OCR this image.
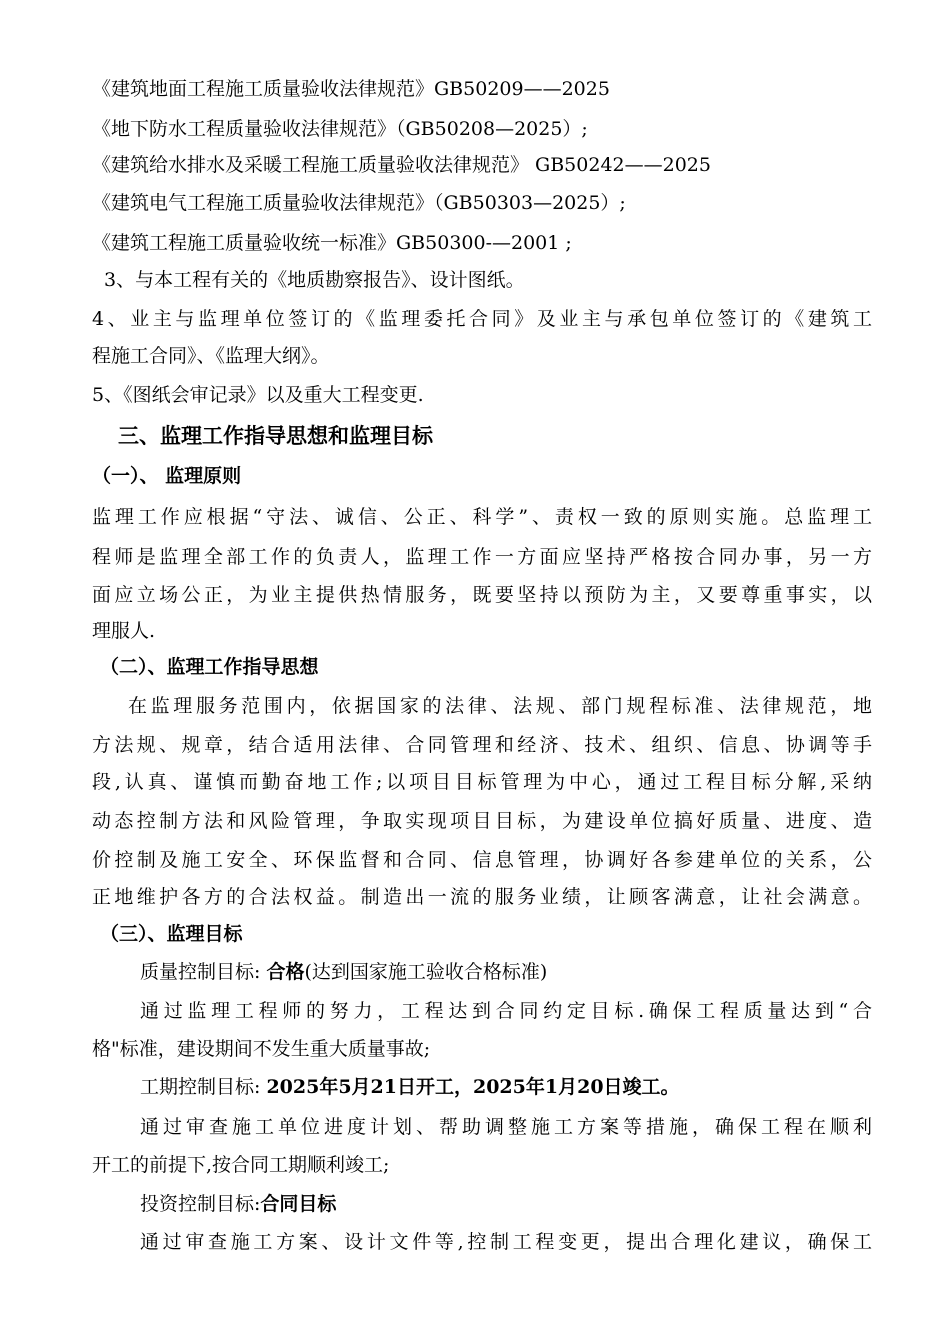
《建筑地面工程施工质量验收法律规范》GB50209——2025
《地下防水工程质量验收法律规范》（GB50208—2025）;
《建筑给水排水及采暖工程施工质量验收法律规范》 GB50242——2025
《建筑电气工程施工质量验收法律规范》（GB50303—2025）;
《建筑工程施工质量验收统一标准》GB50300-—2001 ;
3、与本工程有关的《地质勘察报告》、设计图纸。
4、业主与监理单位签订的《监理委托合同》及业主与承包单位签订的《建筑工
程施工合同》、《监理大纲》。
5、《图纸会审记录》以及重大工程变更.
三、监理工作指导思想和监理目标
（一）、 监理原则
监理工作应根据“守法、诚信、公正、科学”、责权一致的原则实施。总监理工
程师是监理全部工作的负责人，监理工作一方面应坚持严格按合同办事，另一方
面应立场公正，为业主提供热情服务，既要坚持以预防为主，又要尊重事实，以
理服人.
（二）、监理工作指导思想
在监理服务范围内，依据国家的法律、法规、部门规程标准、法律规范，地
方法规、规章，结合适用法律、合同管理和经济、技术、组织、信息、协调等手
段,认真、谨慎而勤奋地工作;以项目目标管理为中心，通过工程目标分解,采纳
动态控制方法和风险管理，争取实现项目目标，为建设单位搞好质量、进度、造
价控制及施工安全、环保监督和合同、信息管理，协调好各参建单位的关系，公
正地维护各方的合法权益。制造出一流的服务业绩，让顾客满意，让社会满意。
（三）、监理目标
质量控制目标: 合格(达到国家施工验收合格标准)
通过监理工程师的努力，工程达到合同约定目标.确保工程质量达到“合
格"标准，建设期间不发生重大质量事故;
工期控制目标: 2025年5月21日开工，2025年1月20日竣工。
通过审查施工单位进度计划、帮助调整施工方案等措施，确保工程在顺利
开工的前提下,按合同工期顺利竣工;
投资控制目标:合同目标
通过审查施工方案、设计文件等,控制工程变更，提出合理化建议，确保工
